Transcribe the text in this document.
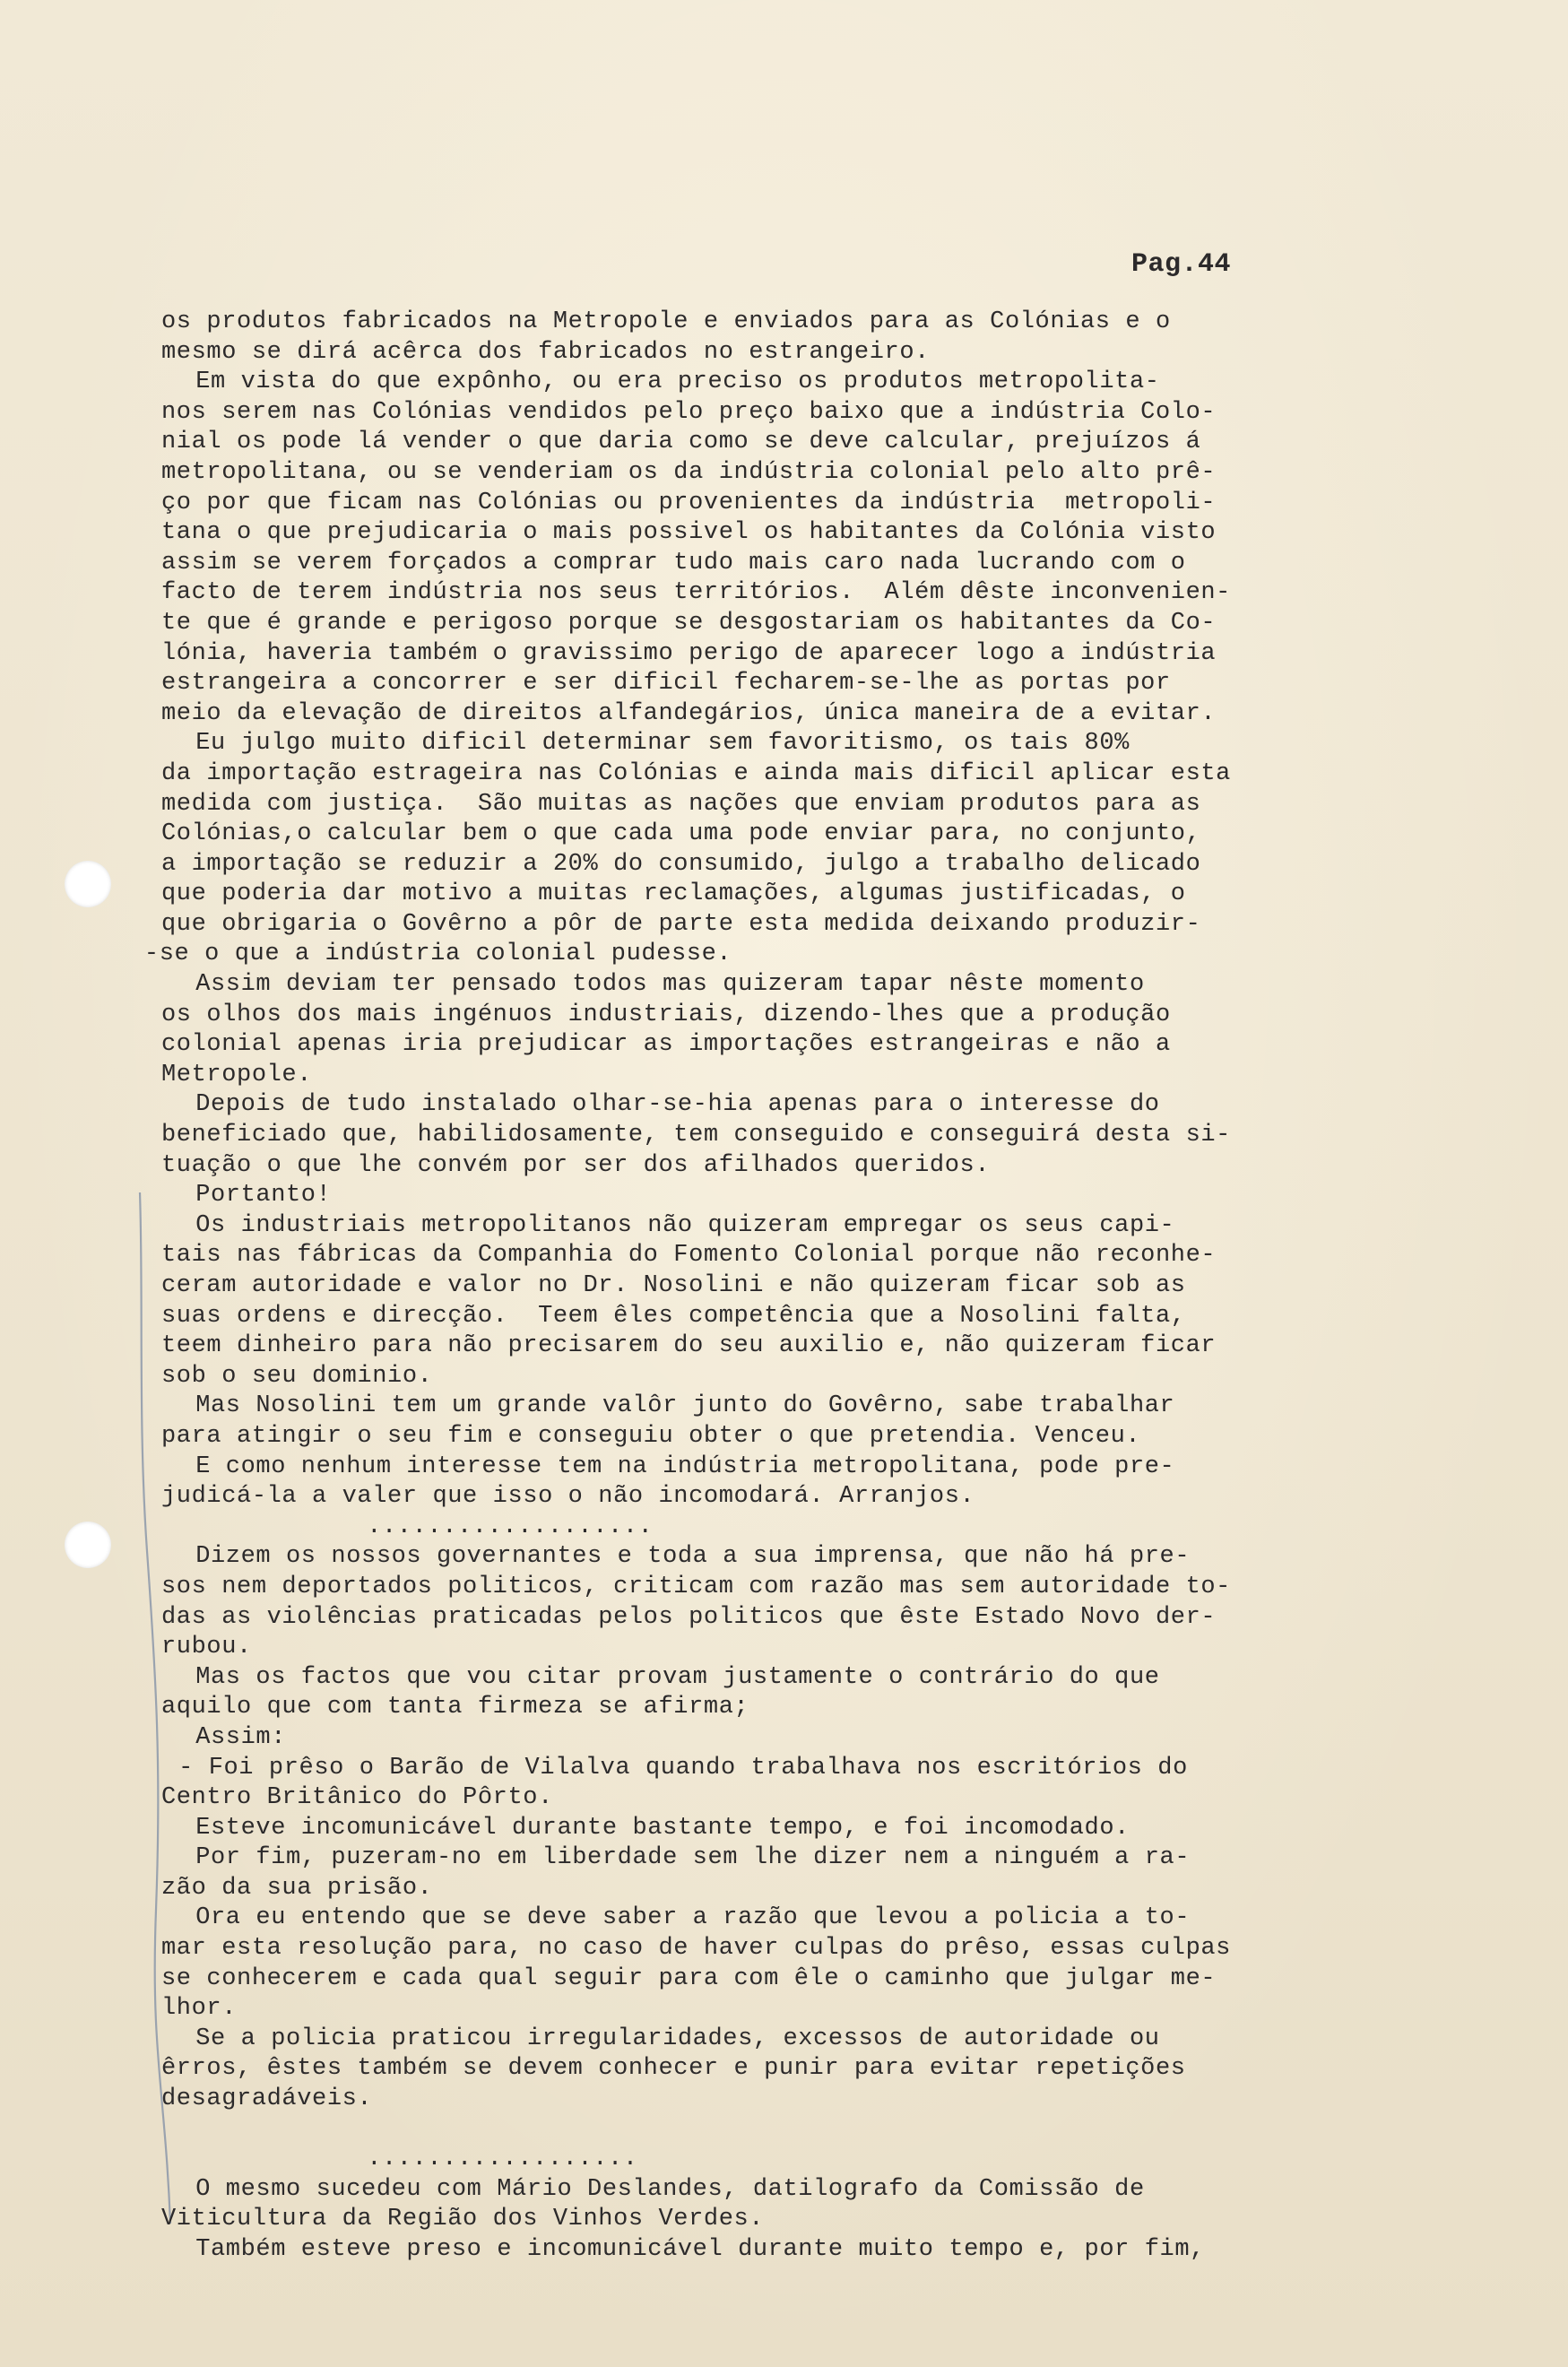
Pag.44
os produtos fabricados na Metropole e enviados para as Colónias e o
mesmo se dirá acêrca dos fabricados no estrangeiro.
Em vista do que expônho, ou era preciso os produtos metropolita-
nos serem nas Colónias vendidos pelo preço baixo que a indústria Colo-
nial os pode lá vender o que daria como se deve calcular, prejuízos á
metropolitana, ou se venderiam os da indústria colonial pelo alto prê-
ço por que ficam nas Colónias ou provenientes da indústria  metropoli-
tana o que prejudicaria o mais possivel os habitantes da Colónia visto
assim se verem forçados a comprar tudo mais caro nada lucrando com o
facto de terem indústria nos seus territórios.  Além dêste inconvenien-
te que é grande e perigoso porque se desgostariam os habitantes da Co-
lónia, haveria também o gravissimo perigo de aparecer logo a indústria
estrangeira a concorrer e ser dificil fecharem-se-lhe as portas por
meio da elevação de direitos alfandegários, única maneira de a evitar.
Eu julgo muito dificil determinar sem favoritismo, os tais 80%
da importação estrageira nas Colónias e ainda mais dificil aplicar esta
medida com justiça.  São muitas as nações que enviam produtos para as
Colónias,o calcular bem o que cada uma pode enviar para, no conjunto,
a importação se reduzir a 20% do consumido, julgo a trabalho delicado
que poderia dar motivo a muitas reclamações, algumas justificadas, o
que obrigaria o Govêrno a pôr de parte esta medida deixando produzir-
-se o que a indústria colonial pudesse.
Assim deviam ter pensado todos mas quizeram tapar nêste momento
os olhos dos mais ingénuos industriais, dizendo-lhes que a produção
colonial apenas iria prejudicar as importações estrangeiras e não a
Metropole.
Depois de tudo instalado olhar-se-hia apenas para o interesse do
beneficiado que, habilidosamente, tem conseguido e conseguirá desta si-
tuação o que lhe convém por ser dos afilhados queridos.
Portanto!
Os industriais metropolitanos não quizeram empregar os seus capi-
tais nas fábricas da Companhia do Fomento Colonial porque não reconhe-
ceram autoridade e valor no Dr. Nosolini e não quizeram ficar sob as
suas ordens e direcção.  Teem êles competência que a Nosolini falta,
teem dinheiro para não precisarem do seu auxilio e, não quizeram ficar
sob o seu dominio.
Mas Nosolini tem um grande valôr junto do Govêrno, sabe trabalhar
para atingir o seu fim e conseguiu obter o que pretendia. Venceu.
E como nenhum interesse tem na indústria metropolitana, pode pre-
judicá-la a valer que isso o não incomodará. Arranjos.
...................
Dizem os nossos governantes e toda a sua imprensa, que não há pre-
sos nem deportados politicos, criticam com razão mas sem autoridade to-
das as violências praticadas pelos politicos que êste Estado Novo der-
rubou.
Mas os factos que vou citar provam justamente o contrário do que
aquilo que com tanta firmeza se afirma;
Assim:
- Foi prêso o Barão de Vilalva quando trabalhava nos escritórios do
Centro Britânico do Pôrto.
Esteve incomunicável durante bastante tempo, e foi incomodado.
Por fim, puzeram-no em liberdade sem lhe dizer nem a ninguém a ra-
zão da sua prisão.
Ora eu entendo que se deve saber a razão que levou a policia a to-
mar esta resolução para, no caso de haver culpas do prêso, essas culpas
se conhecerem e cada qual seguir para com êle o caminho que julgar me-
lhor.
Se a policia praticou irregularidades, excessos de autoridade ou
êrros, êstes também se devem conhecer e punir para evitar repetições
desagradáveis.
..................
O mesmo sucedeu com Mário Deslandes, datilografo da Comissão de
Viticultura da Região dos Vinhos Verdes.
Também esteve preso e incomunicável durante muito tempo e, por fim,
